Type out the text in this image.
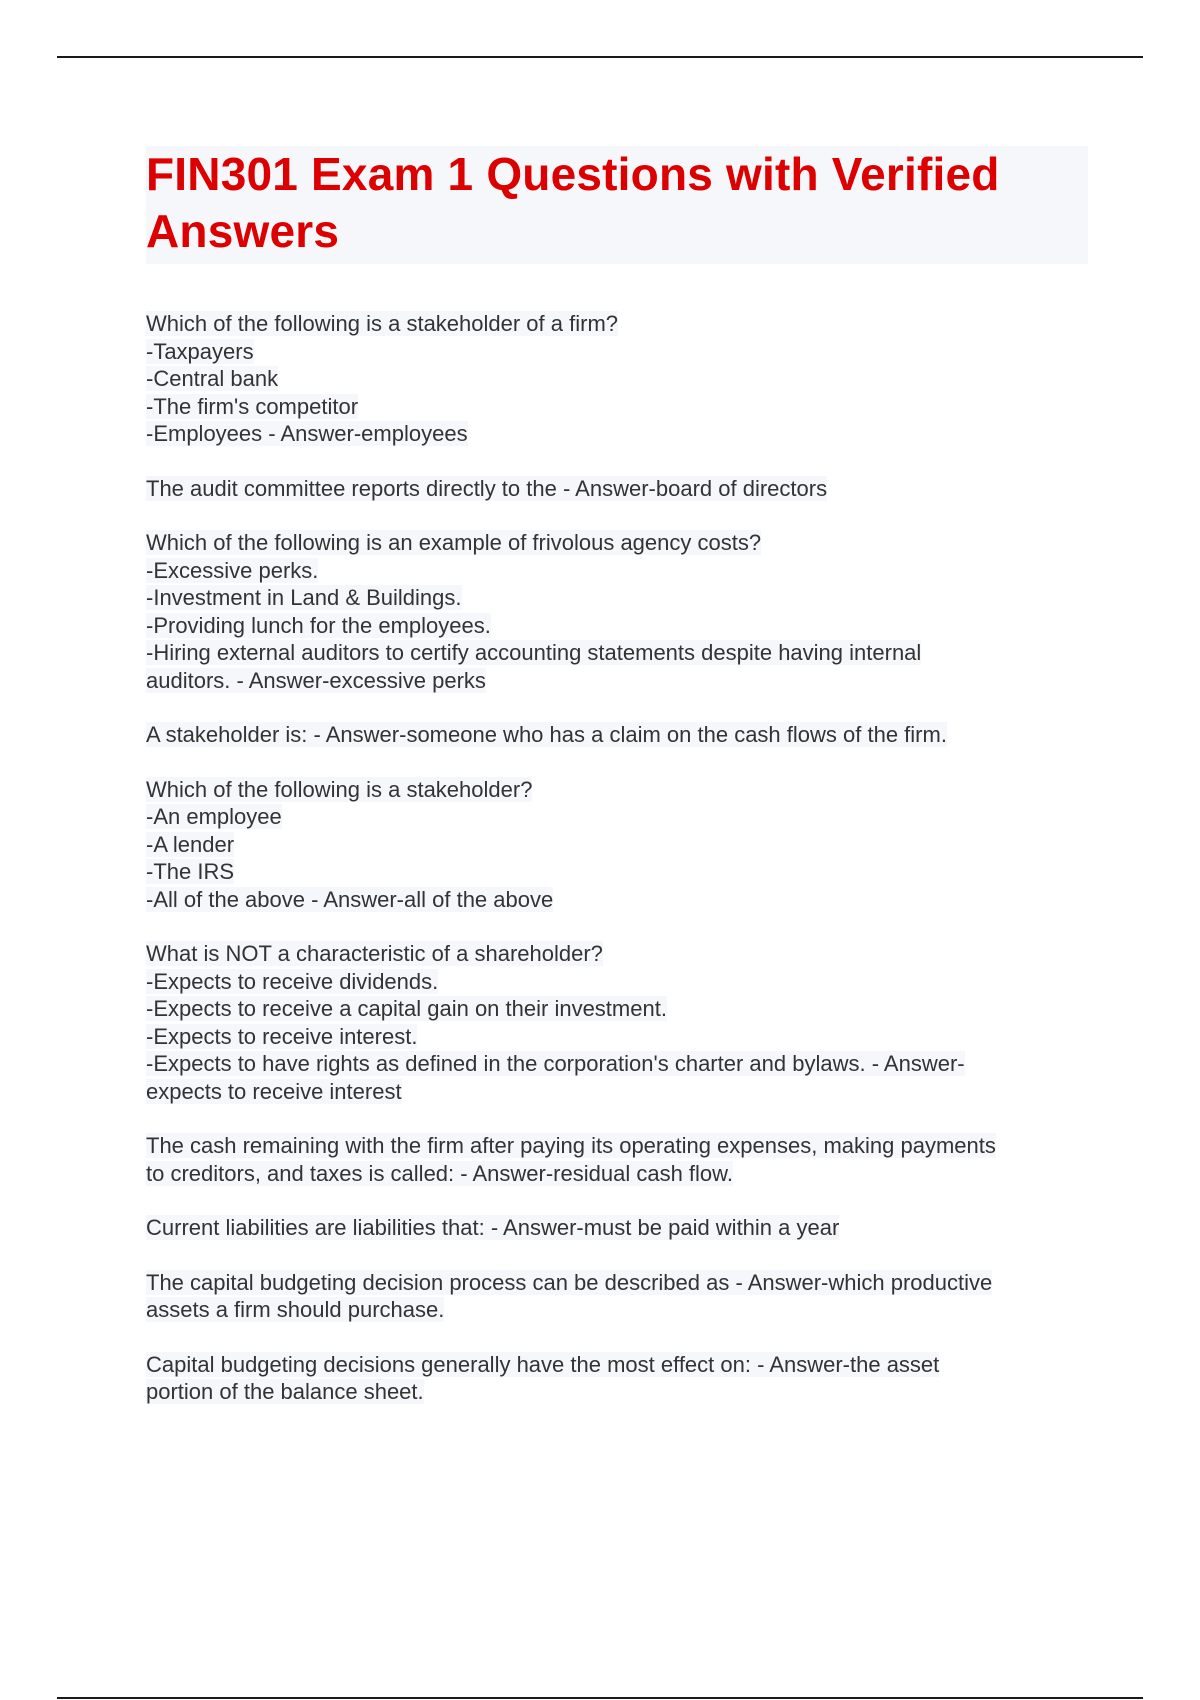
FIN301 Exam 1 Questions with Verified Answers

Which of the following is a stakeholder of a firm?
-Taxpayers
-Central bank
-The firm's competitor
-Employees - Answer-employees

The audit committee reports directly to the - Answer-board of directors

Which of the following is an example of frivolous agency costs?
-Excessive perks.
-Investment in Land & Buildings.
-Providing lunch for the employees.
-Hiring external auditors to certify accounting statements despite having internal
auditors. - Answer-excessive perks

A stakeholder is: - Answer-someone who has a claim on the cash flows of the firm.

Which of the following is a stakeholder?
-An employee
-A lender
-The IRS
-All of the above - Answer-all of the above

What is NOT a characteristic of a shareholder?
-Expects to receive dividends.
-Expects to receive a capital gain on their investment.
-Expects to receive interest.
-Expects to have rights as defined in the corporation's charter and bylaws. - Answer-
expects to receive interest

The cash remaining with the firm after paying its operating expenses, making payments
to creditors, and taxes is called: - Answer-residual cash flow.

Current liabilities are liabilities that: - Answer-must be paid within a year

The capital budgeting decision process can be described as - Answer-which productive
assets a firm should purchase.

Capital budgeting decisions generally have the most effect on: - Answer-the asset
portion of the balance sheet.
